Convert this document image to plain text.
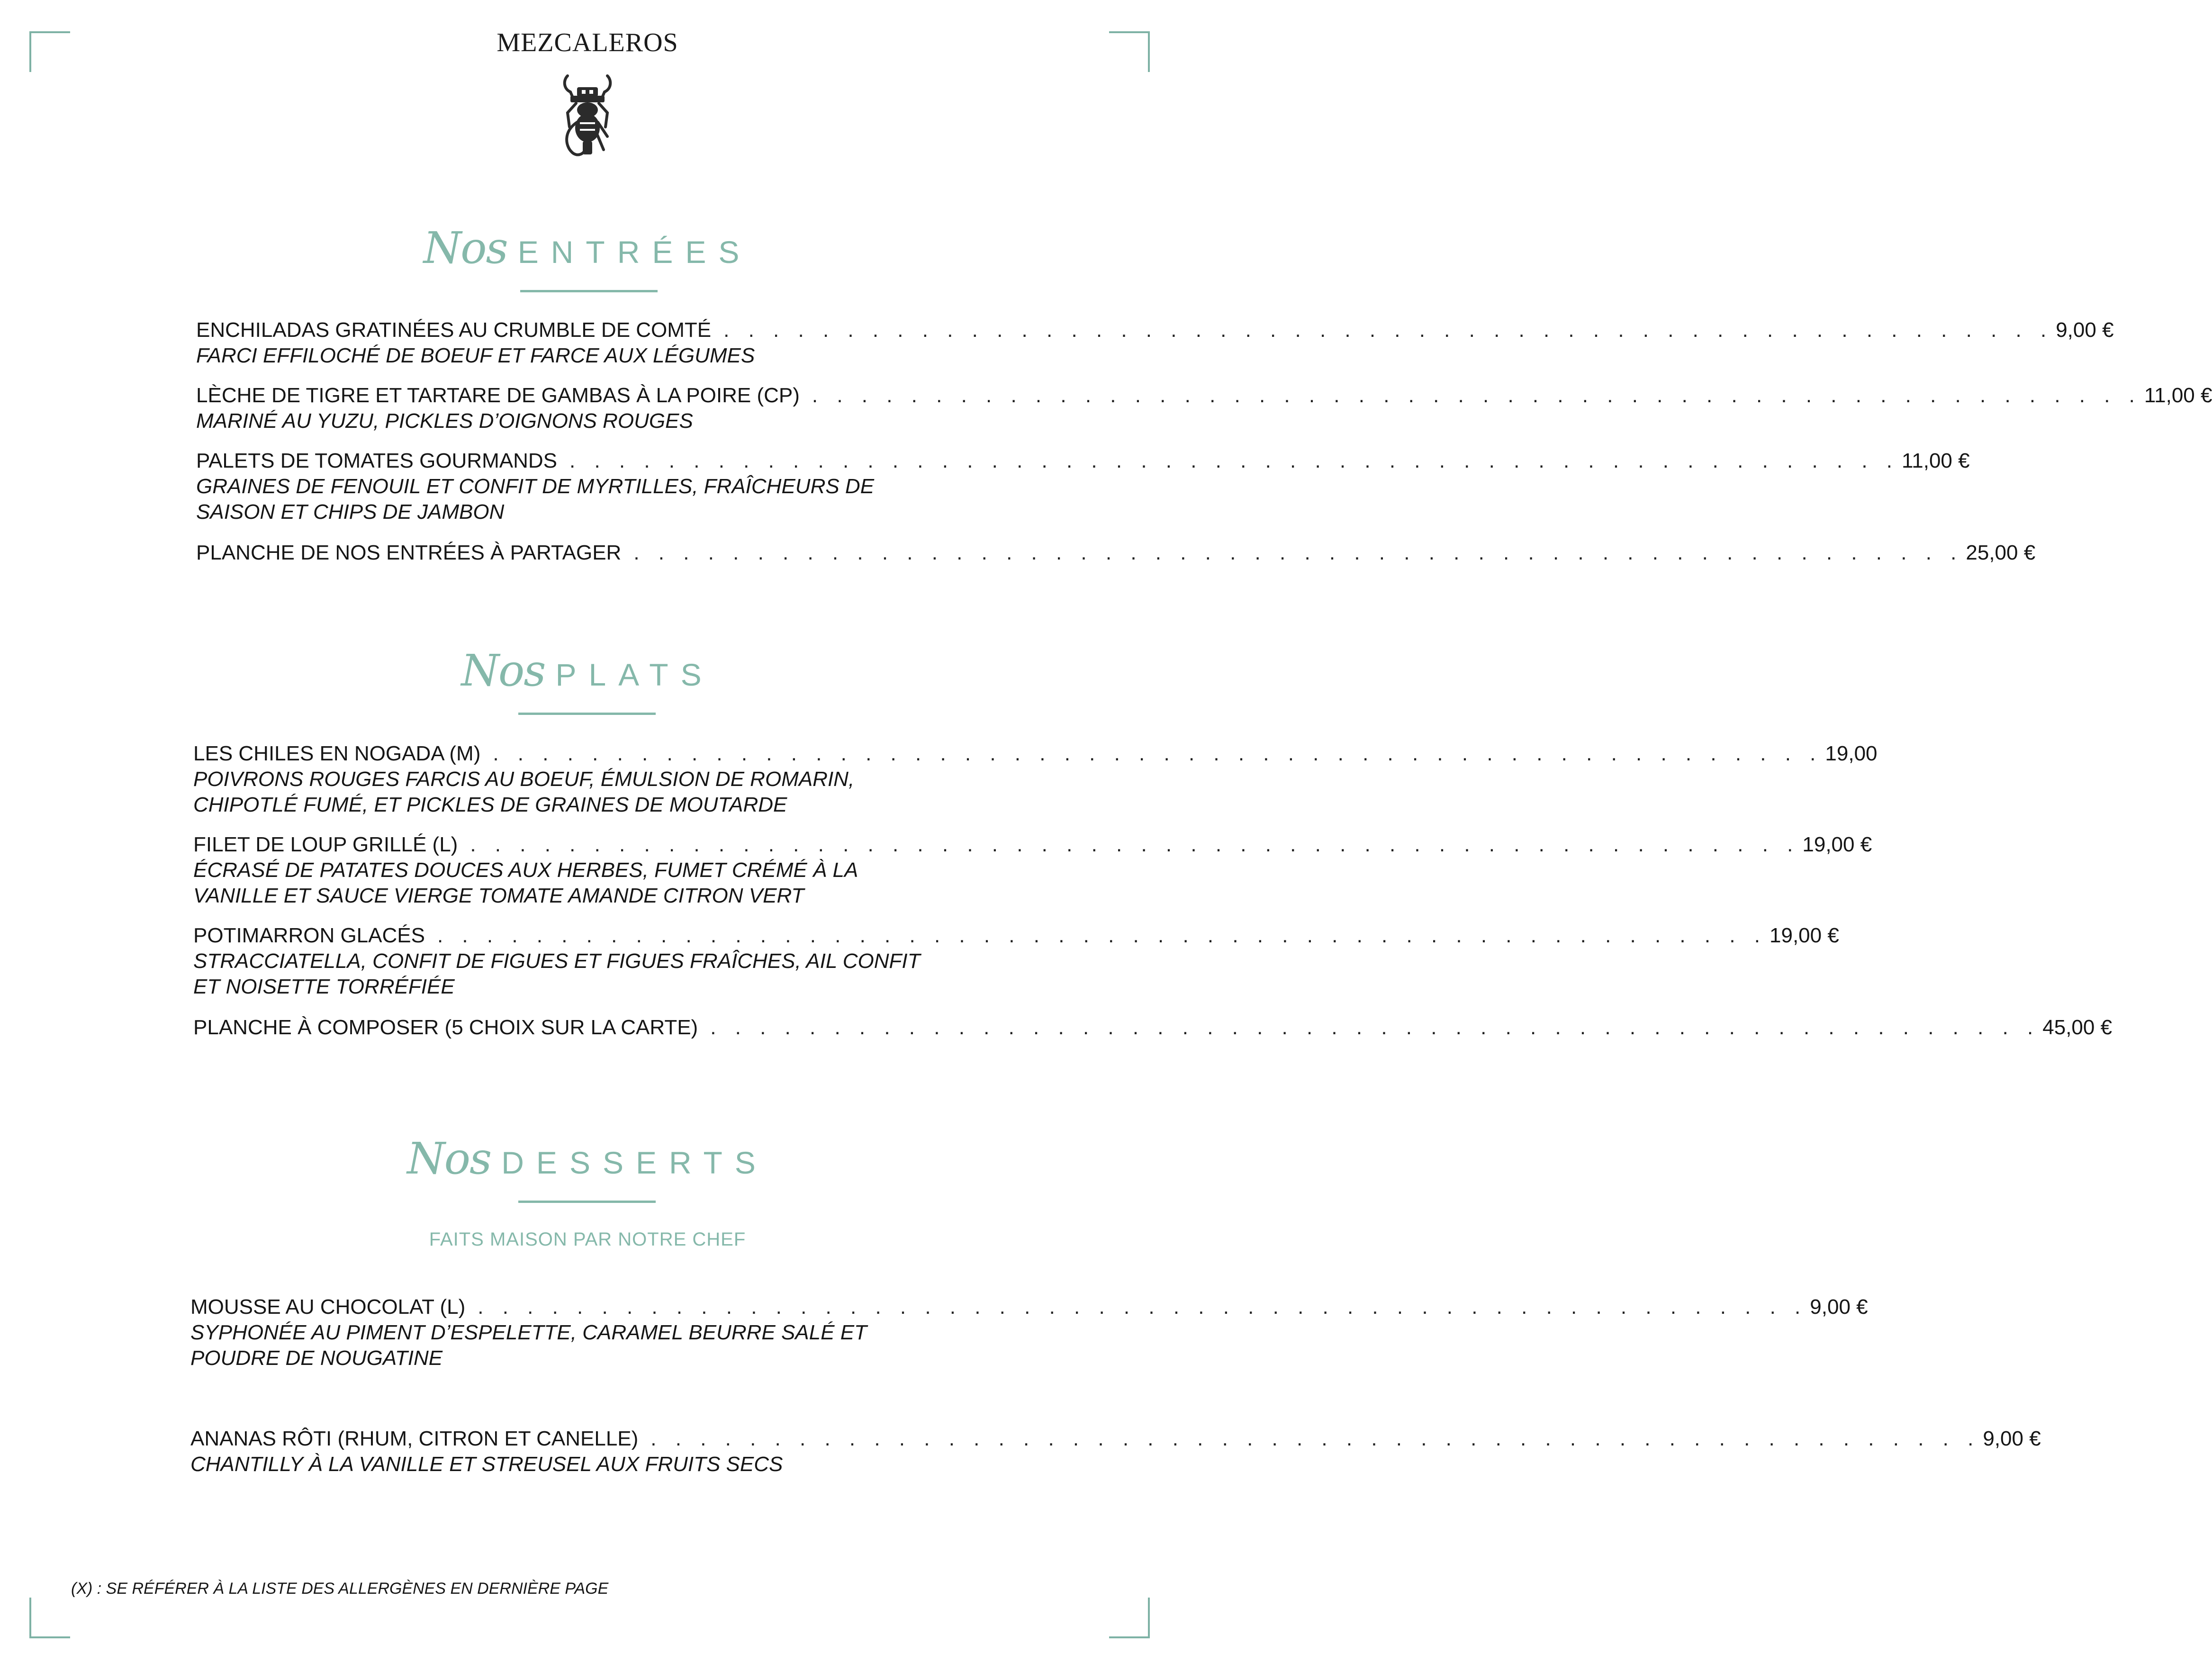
MEZCALEROS
Nos ENTRÉES
ENCHILADAS GRATINÉES AU CRUMBLE DE COMTÉ . . . . . . . . . . . . . . . . . . . . . . . . . . . . . . . . . . . . . . . . . . . . . . . . . . . . . . 9,00 €
FARCI EFFILOCHÉ DE BOEUF ET FARCE AUX LÉGUMES
LÈCHE DE TIGRE ET TARTARE DE GAMBAS À LA POIRE (CP) . . . . . . . . . . . . . . . . . . . . . . . . . . . . . . . . . . . . . . . . . . . . . . . . . . . . . . 11,00 €
MARINÉ AU YUZU, PICKLES D’OIGNONS ROUGES
PALETS DE TOMATES GOURMANDS . . . . . . . . . . . . . . . . . . . . . . . . . . . . . . . . . . . . . . . . . . . . . . . . . . . . . . 11,00 €
GRAINES DE FENOUIL ET CONFIT DE MYRTILLES, FRAÎCHEURS DE
SAISON ET CHIPS DE JAMBON
PLANCHE DE NOS ENTRÉES À PARTAGER . . . . . . . . . . . . . . . . . . . . . . . . . . . . . . . . . . . . . . . . . . . . . . . . . . . . . . 25,00 €
Nos PLATS
LES CHILES EN NOGADA (M) . . . . . . . . . . . . . . . . . . . . . . . . . . . . . . . . . . . . . . . . . . . . . . . . . . . . . . 19,00
POIVRONS ROUGES FARCIS AU BOEUF, ÉMULSION DE ROMARIN,
CHIPOTLÉ FUMÉ, ET PICKLES DE GRAINES DE MOUTARDE
FILET DE LOUP GRILLÉ (L) . . . . . . . . . . . . . . . . . . . . . . . . . . . . . . . . . . . . . . . . . . . . . . . . . . . . . . 19,00 €
ÉCRASÉ DE PATATES DOUCES AUX HERBES, FUMET CRÉMÉ À LA
VANILLE ET SAUCE VIERGE TOMATE AMANDE CITRON VERT
POTIMARRON GLACÉS . . . . . . . . . . . . . . . . . . . . . . . . . . . . . . . . . . . . . . . . . . . . . . . . . . . . . . 19,00 €
STRACCIATELLA, CONFIT DE FIGUES ET FIGUES FRAÎCHES, AIL CONFIT
ET NOISETTE TORRÉFIÉE
PLANCHE À COMPOSER (5 CHOIX SUR LA CARTE) . . . . . . . . . . . . . . . . . . . . . . . . . . . . . . . . . . . . . . . . . . . . . . . . . . . . . . 45,00 €
Nos DESSERTS
FAITS MAISON PAR NOTRE CHEF
MOUSSE AU CHOCOLAT (L) . . . . . . . . . . . . . . . . . . . . . . . . . . . . . . . . . . . . . . . . . . . . . . . . . . . . . . 9,00 €
SYPHONÉE AU PIMENT D’ESPELETTE, CARAMEL BEURRE SALÉ ET
POUDRE DE NOUGATINE
ANANAS RÔTI (RHUM, CITRON ET CANELLE) . . . . . . . . . . . . . . . . . . . . . . . . . . . . . . . . . . . . . . . . . . . . . . . . . . . . . . 9,00 €
CHANTILLY À LA VANILLE ET STREUSEL AUX FRUITS SECS
(X) : SE RÉFÉRER À LA LISTE DES ALLERGÈNES EN DERNIÈRE PAGE
